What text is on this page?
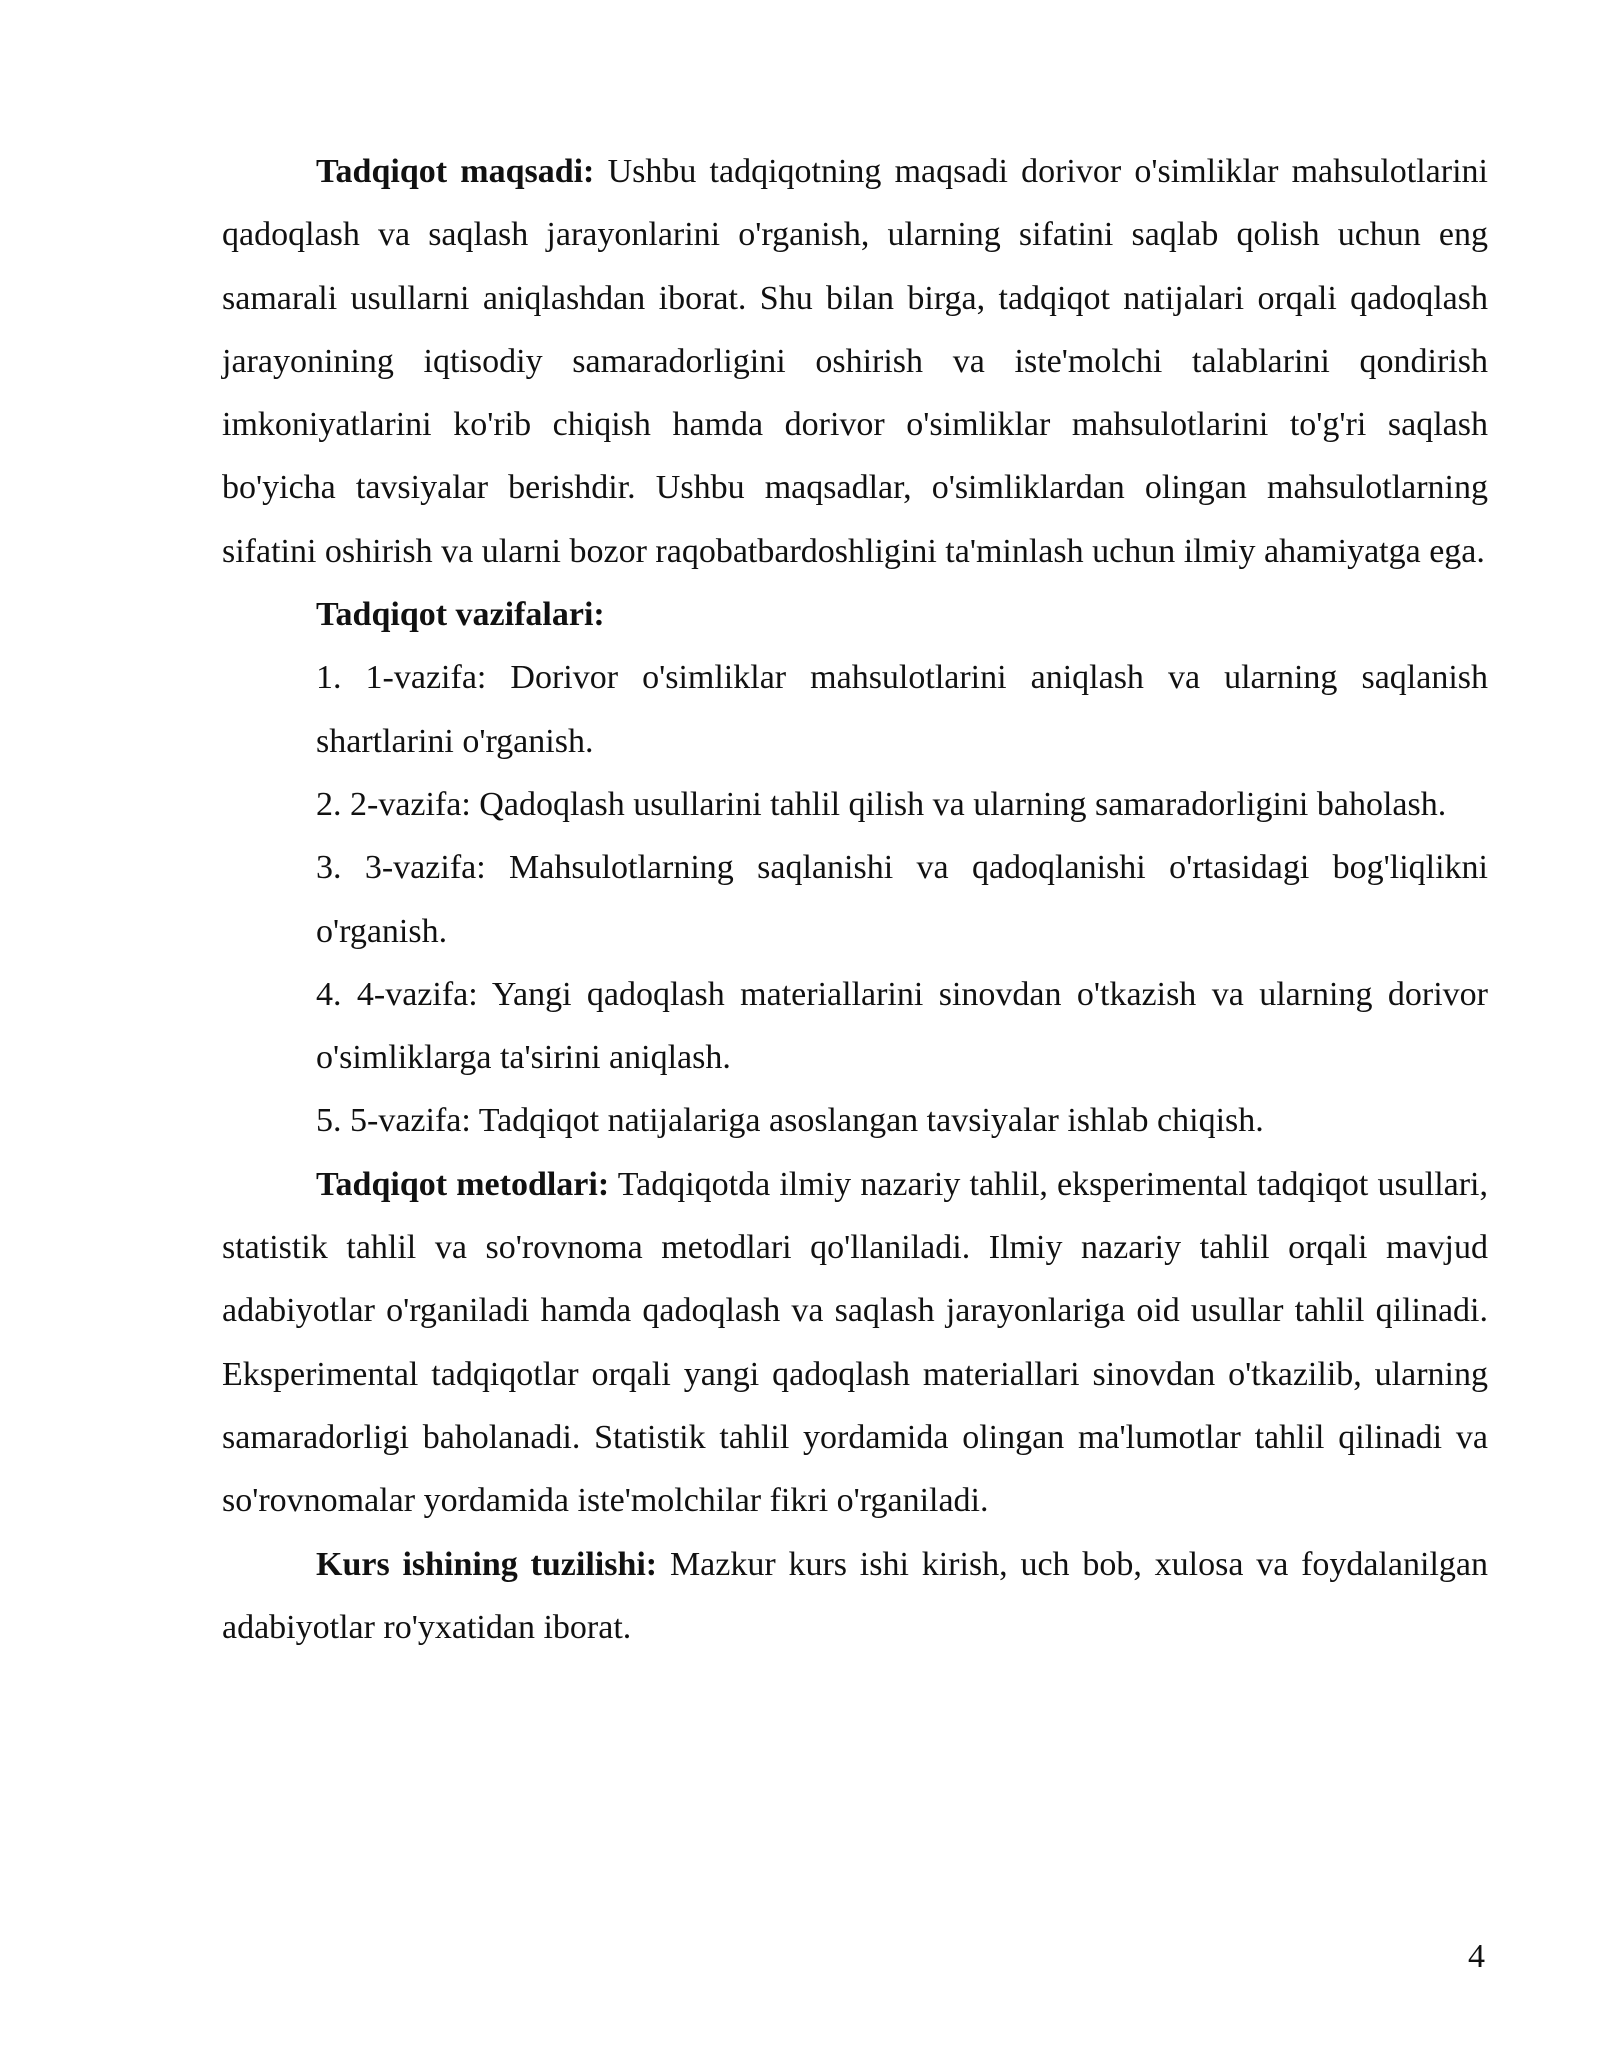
Tadqiqot maqsadi: Ushbu tadqiqotning maqsadi dorivor o'simliklar mahsulotlarini qadoqlash va saqlash jarayonlarini o'rganish, ularning sifatini saqlab qolish uchun eng samarali usullarni aniqlashdan iborat. Shu bilan birga, tadqiqot natijalari orqali qadoqlash jarayonining iqtisodiy samaradorligini oshirish va iste'molchi talablarini qondirish imkoniyatlarini ko'rib chiqish hamda dorivor o'simliklar mahsulotlarini to'g'ri saqlash bo'yicha tavsiyalar berishdir. Ushbu maqsadlar, o'simliklardan olingan mahsulotlarning sifatini oshirish va ularni bozor raqobatbardoshligini ta'minlash uchun ilmiy ahamiyatga ega.

Tadqiqot vazifalari:

1. 1-vazifa: Dorivor o'simliklar mahsulotlarini aniqlash va ularning saqlanish shartlarini o'rganish.

2. 2-vazifa: Qadoqlash usullarini tahlil qilish va ularning samaradorligini baholash.

3. 3-vazifa: Mahsulotlarning saqlanishi va qadoqlanishi o'rtasidagi bog'liqlikni o'rganish.

4. 4-vazifa: Yangi qadoqlash materiallarini sinovdan o'tkazish va ularning dorivor o'simliklarga ta'sirini aniqlash.

5. 5-vazifa: Tadqiqot natijalariga asoslangan tavsiyalar ishlab chiqish.

Tadqiqot metodlari: Tadqiqotda ilmiy nazariy tahlil, eksperimental tadqiqot usullari, statistik tahlil va so'rovnoma metodlari qo'llaniladi. Ilmiy nazariy tahlil orqali mavjud adabiyotlar o'rganiladi hamda qadoqlash va saqlash jarayonlariga oid usullar tahlil qilinadi. Eksperimental tadqiqotlar orqali yangi qadoqlash materiallari sinovdan o'tkazilib, ularning samaradorligi baholanadi. Statistik tahlil yordamida olingan ma'lumotlar tahlil qilinadi va so'rovnomalar yordamida iste'molchilar fikri o'rganiladi.

Kurs ishining tuzilishi: Mazkur kurs ishi kirish, uch bob, xulosa va foydalanilgan adabiyotlar ro'yxatidan iborat.

4
